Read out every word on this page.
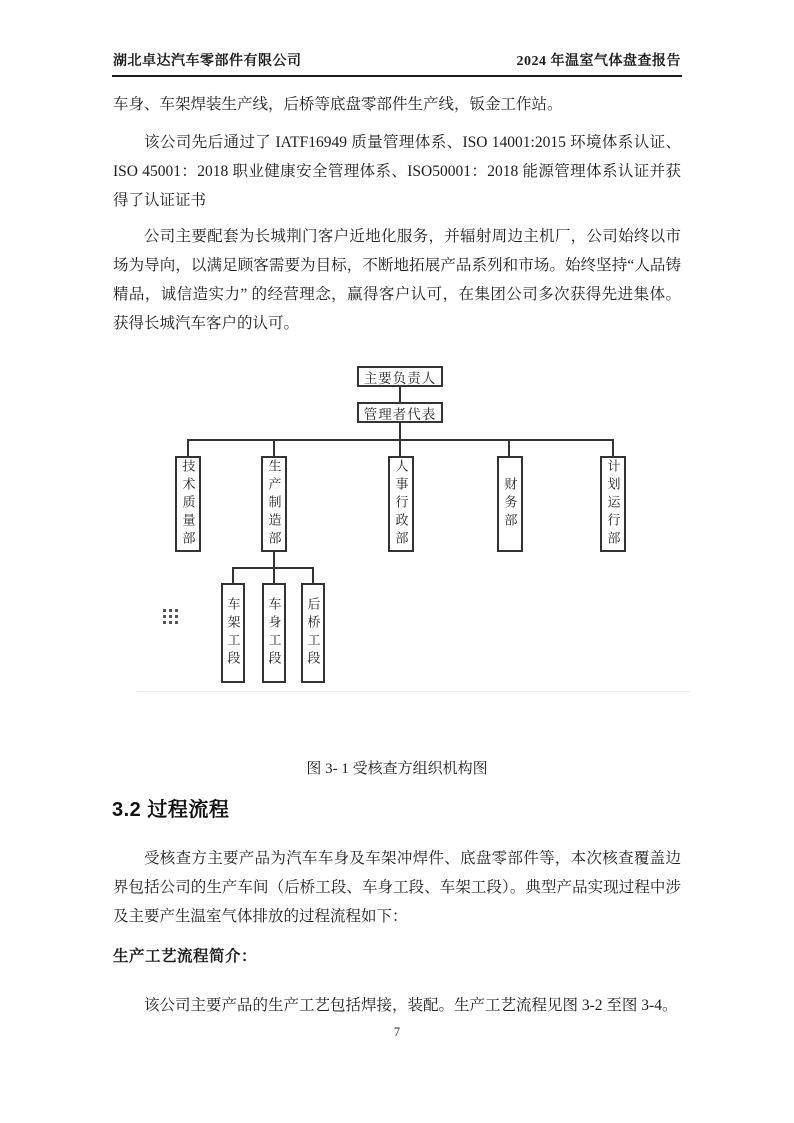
湖北卓达汽车零部件有限公司	2024 年温室气体盘查报告
车身、车架焊装生产线，后桥等底盘零部件生产线，钣金工作站。
该公司先后通过了 IATF16949 质量管理体系、ISO 14001:2015 环境体系认证、ISO 45001：2018 职业健康安全管理体系、ISO50001：2018 能源管理体系认证并获得了认证证书
公司主要配套为长城荆门客户近地化服务，并辐射周边主机厂，公司始终以市场为导向，以满足顾客需要为目标，不断地拓展产品系列和市场。始终坚持“人品铸精品，诚信造实力” 的经营理念，赢得客户认可，在集团公司多次获得先进集体。获得长城汽车客户的认可。
主要负责人
管理者代表
技术质量部	生产制造部	人事行政部	财务部	计划运行部
车架工段	车身工段	后桥工段
图 3- 1 受核查方组织机构图
3.2 过程流程
受核查方主要产品为汽车车身及车架冲焊件、底盘零部件等，本次核查覆盖边界包括公司的生产车间（后桥工段、车身工段、车架工段）。典型产品实现过程中涉及主要产生温室气体排放的过程流程如下：
生产工艺流程简介：
该公司主要产品的生产工艺包括焊接，装配。生产工艺流程见图 3-2 至图 3-4。
7
